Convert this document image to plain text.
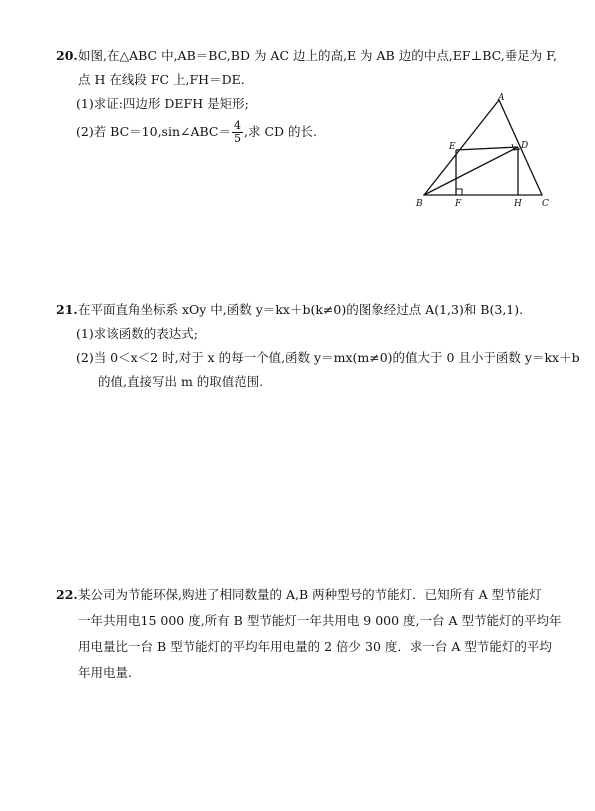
20.如图,在△ABC 中,AB＝BC,BD 为 AC 边上的高,E 为 AB 边的中点,EF⊥BC,垂足为 F,
点 H 在线段 FC 上,FH＝DE.
(1)求证:四边形 DEFH 是矩形;
(2)若 BC＝10,sin∠ABC＝ $\frac{4}{5}$ ,求 CD 的长.
A
B	C
D
E
F	H
21.在平面直角坐标系 xOy 中,函数 y＝kx＋b(k≠0)的图象经过点 A(1,3)和 B(3,1).
(1)求该函数的表达式;
(2)当 0＜x＜2 时,对于 x 的每一个值,函数 y＝mx(m≠0)的值大于 0 且小于函数 y＝kx＋b
的值,直接写出 m 的取值范围.
22.某公司为节能环保,购进了相同数量的 A,B 两种型号的节能灯．已知所有 A 型节能灯
一年共用电15 000 度,所有 B 型节能灯一年共用电 9 000 度,一台 A 型节能灯的平均年
用电量比一台 B 型节能灯的平均年用电量的 2 倍少 30 度．求一台 A 型节能灯的平均
年用电量.
